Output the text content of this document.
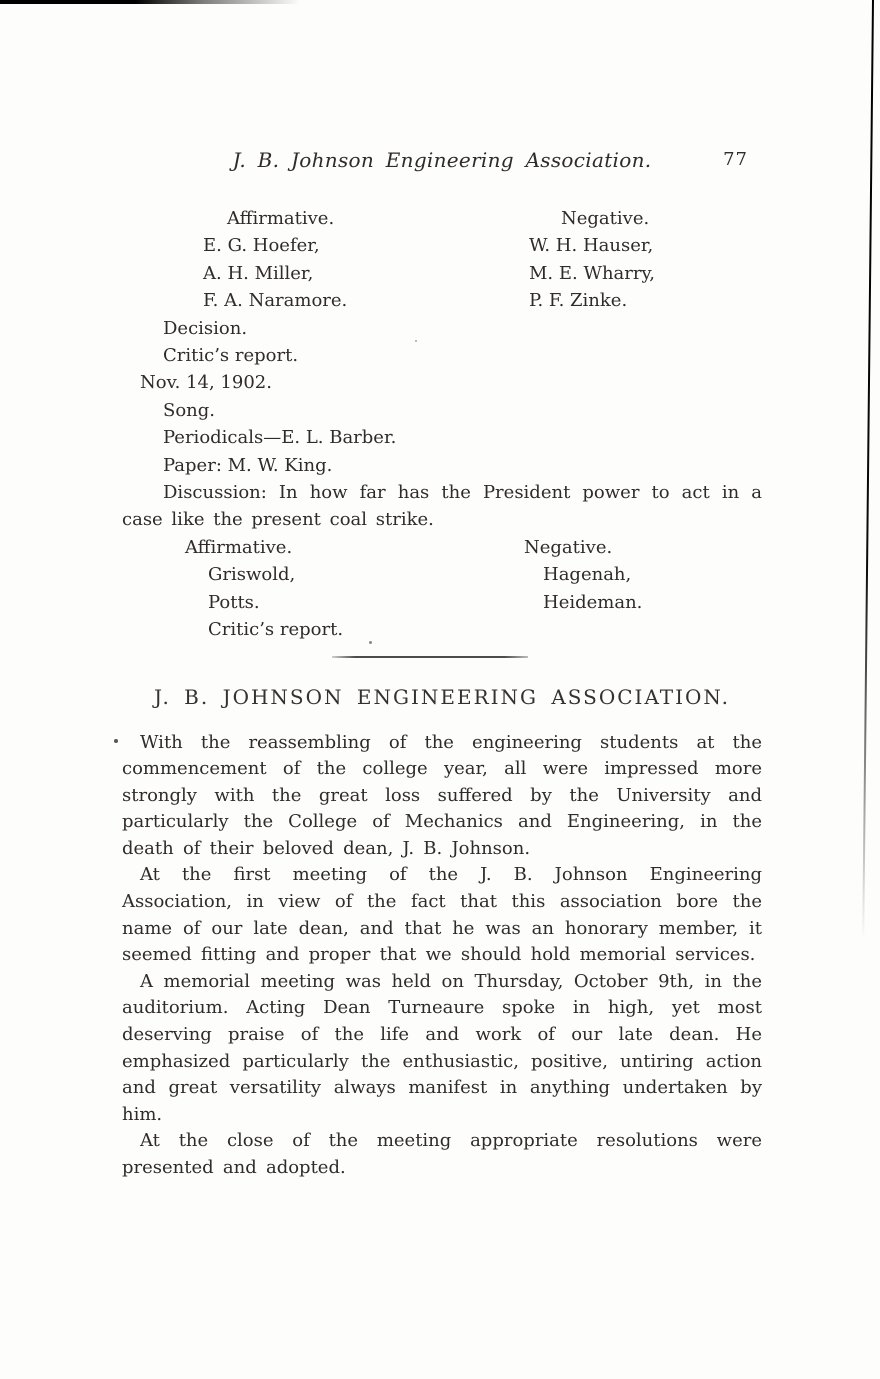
J. B. Johnson Engineering Association.	77
Affirmative.
E. G. Hoefer,
A. H. Miller,
F. A. Naramore.
Negative.
W. H. Hauser,
M. E. Wharry,
P. F. Zinke.
Decision.
Critic’s report.
Nov. 14, 1902.
Song.
Periodicals—E. L. Barber.
Paper: M. W. King.

Discussion: In how far has the President power to act in a case like the present coal strike.

Affirmative.
Griswold,
Potts.
Critic’s report.
Negative.
Hagenah,
Heideman.
J. B. JOHNSON ENGINEERING ASSOCIATION.

With the reassembling of the engineering students at the commencement of the college year, all were impressed more strongly with the great loss suffered by the University and particularly the College of Mechanics and Engineering, in the death of their beloved dean, J. B. Johnson.

At the first meeting of the J. B. Johnson Engineering Association, in view of the fact that this association bore the name of our late dean, and that he was an honorary member, it seemed fitting and proper that we should hold memorial services.

A memorial meeting was held on Thursday, October 9th, in the auditorium. Acting Dean Turneaure spoke in high, yet most deserving praise of the life and work of our late dean. He emphasized particularly the enthusiastic, positive, untiring action and great versatility always manifest in anything undertaken by him.

At the close of the meeting appropriate resolutions were presented and adopted.
